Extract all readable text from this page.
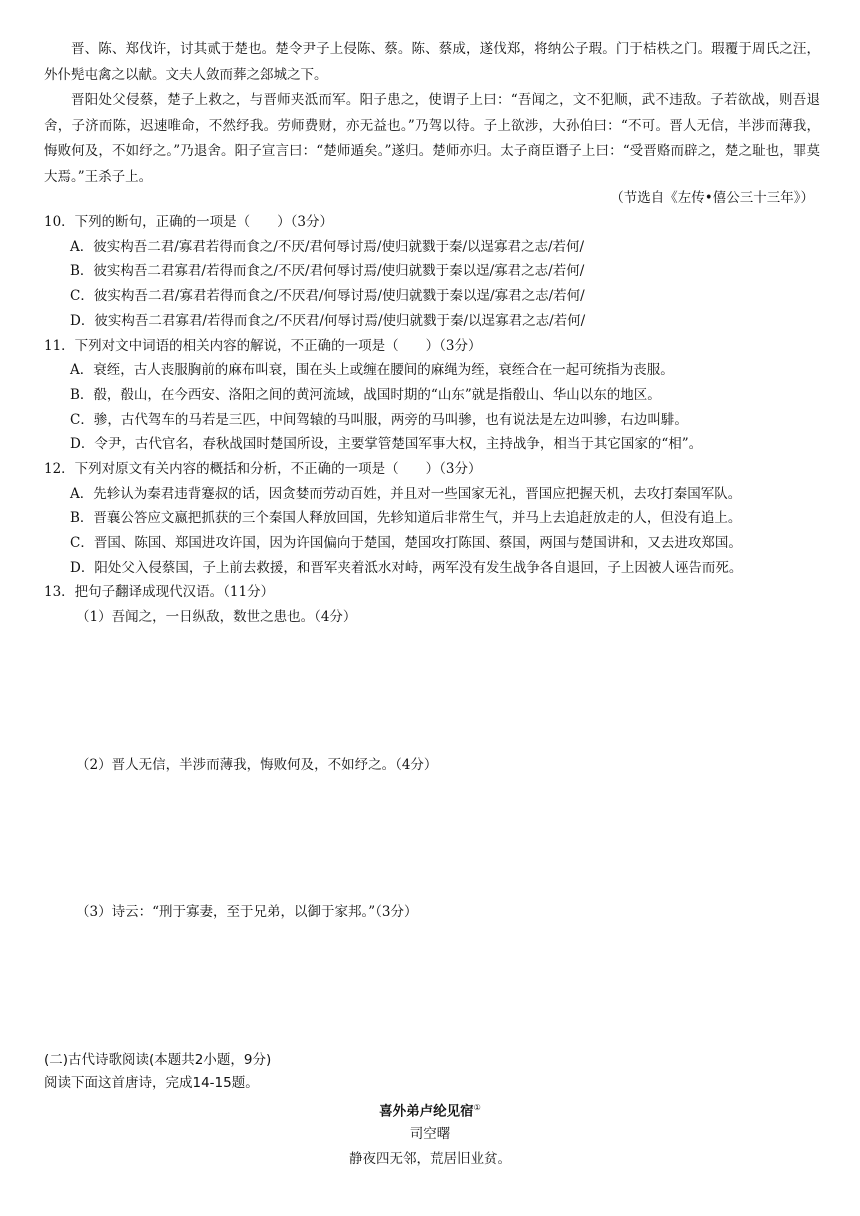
晋、陈、郑伐许，讨其贰于楚也。楚令尹子上侵陈、蔡。陈、蔡成，遂伐郑，将纳公子瑕。门于桔柣之门。瑕覆于周氏之汪，外仆髡屯禽之以献。文夫人敛而葬之郐城之下。
晋阳处父侵蔡，楚子上救之，与晋师夹泜而军。阳子患之，使谓子上曰：“吾闻之，文不犯顺，武不违敌。子若欲战，则吾退舍，子济而陈，迟速唯命，不然纾我。劳师费财，亦无益也。”乃驾以待。子上欲涉，大孙伯曰：“不可。晋人无信，半涉而薄我，悔败何及，不如纾之。”乃退舍。阳子宣言曰：“楚师遁矣。”遂归。楚师亦归。太子商臣谮子上曰：“受晋赂而辟之，楚之耻也，罪莫大焉。”王杀子上。
（节选自《左传•僖公三十三年》）
10．下列的断句，正确的一项是（　　）（3分）
A．彼实构吾二君/寡君若得而食之/不厌/君何辱讨焉/使归就戮于秦/以逞寡君之志/若何/
B．彼实构吾二君寡君/若得而食之/不厌/君何辱讨焉/使归就戮于秦以逞/寡君之志/若何/
C．彼实构吾二君/寡君若得而食之/不厌君/何辱讨焉/使归就戮于秦以逞/寡君之志/若何/
D．彼实构吾二君寡君/若得而食之/不厌君/何辱讨焉/使归就戮于秦/以逞寡君之志/若何/
11．下列对文中词语的相关内容的解说，不正确的一项是（　　）（3分）
A．衰绖，古人丧服胸前的麻布叫衰，围在头上或缠在腰间的麻绳为绖，衰绖合在一起可统指为丧服。
B．殽，殽山，在今西安、洛阳之间的黄河流域，战国时期的“山东”就是指殽山、华山以东的地区。
C．骖，古代驾车的马若是三匹，中间驾辕的马叫服，两旁的马叫骖，也有说法是左边叫骖，右边叫騑。
D．令尹，古代官名，春秋战国时楚国所设，主要掌管楚国军事大权，主持战争，相当于其它国家的“相”。
12．下列对原文有关内容的概括和分析，不正确的一项是（　　）（3分）
A．先轸认为秦君违背蹇叔的话，因贪婪而劳动百姓，并且对一些国家无礼，晋国应把握天机，去攻打秦国军队。
B．晋襄公答应文嬴把抓获的三个秦国人释放回国，先轸知道后非常生气，并马上去追赶放走的人，但没有追上。
C．晋国、陈国、郑国进攻许国，因为许国偏向于楚国，楚国攻打陈国、蔡国，两国与楚国讲和，又去进攻郑国。
D．阳处父入侵蔡国，子上前去救援，和晋军夹着泜水对峙，两军没有发生战争各自退回，子上因被人诬告而死。
13．把句子翻译成现代汉语。（11分）
（1）吾闻之，一日纵敌，数世之患也。（4分）
（2）晋人无信，半涉而薄我，悔败何及，不如纾之。（4分）
（3）诗云：“刑于寡妻，至于兄弟，以御于家邦。”（3分）
(二)古代诗歌阅读(本题共2小题，9分)
阅读下面这首唐诗，完成14-15题。
喜外弟卢纶见宿①
司空曙
静夜四无邻，荒居旧业贫。
